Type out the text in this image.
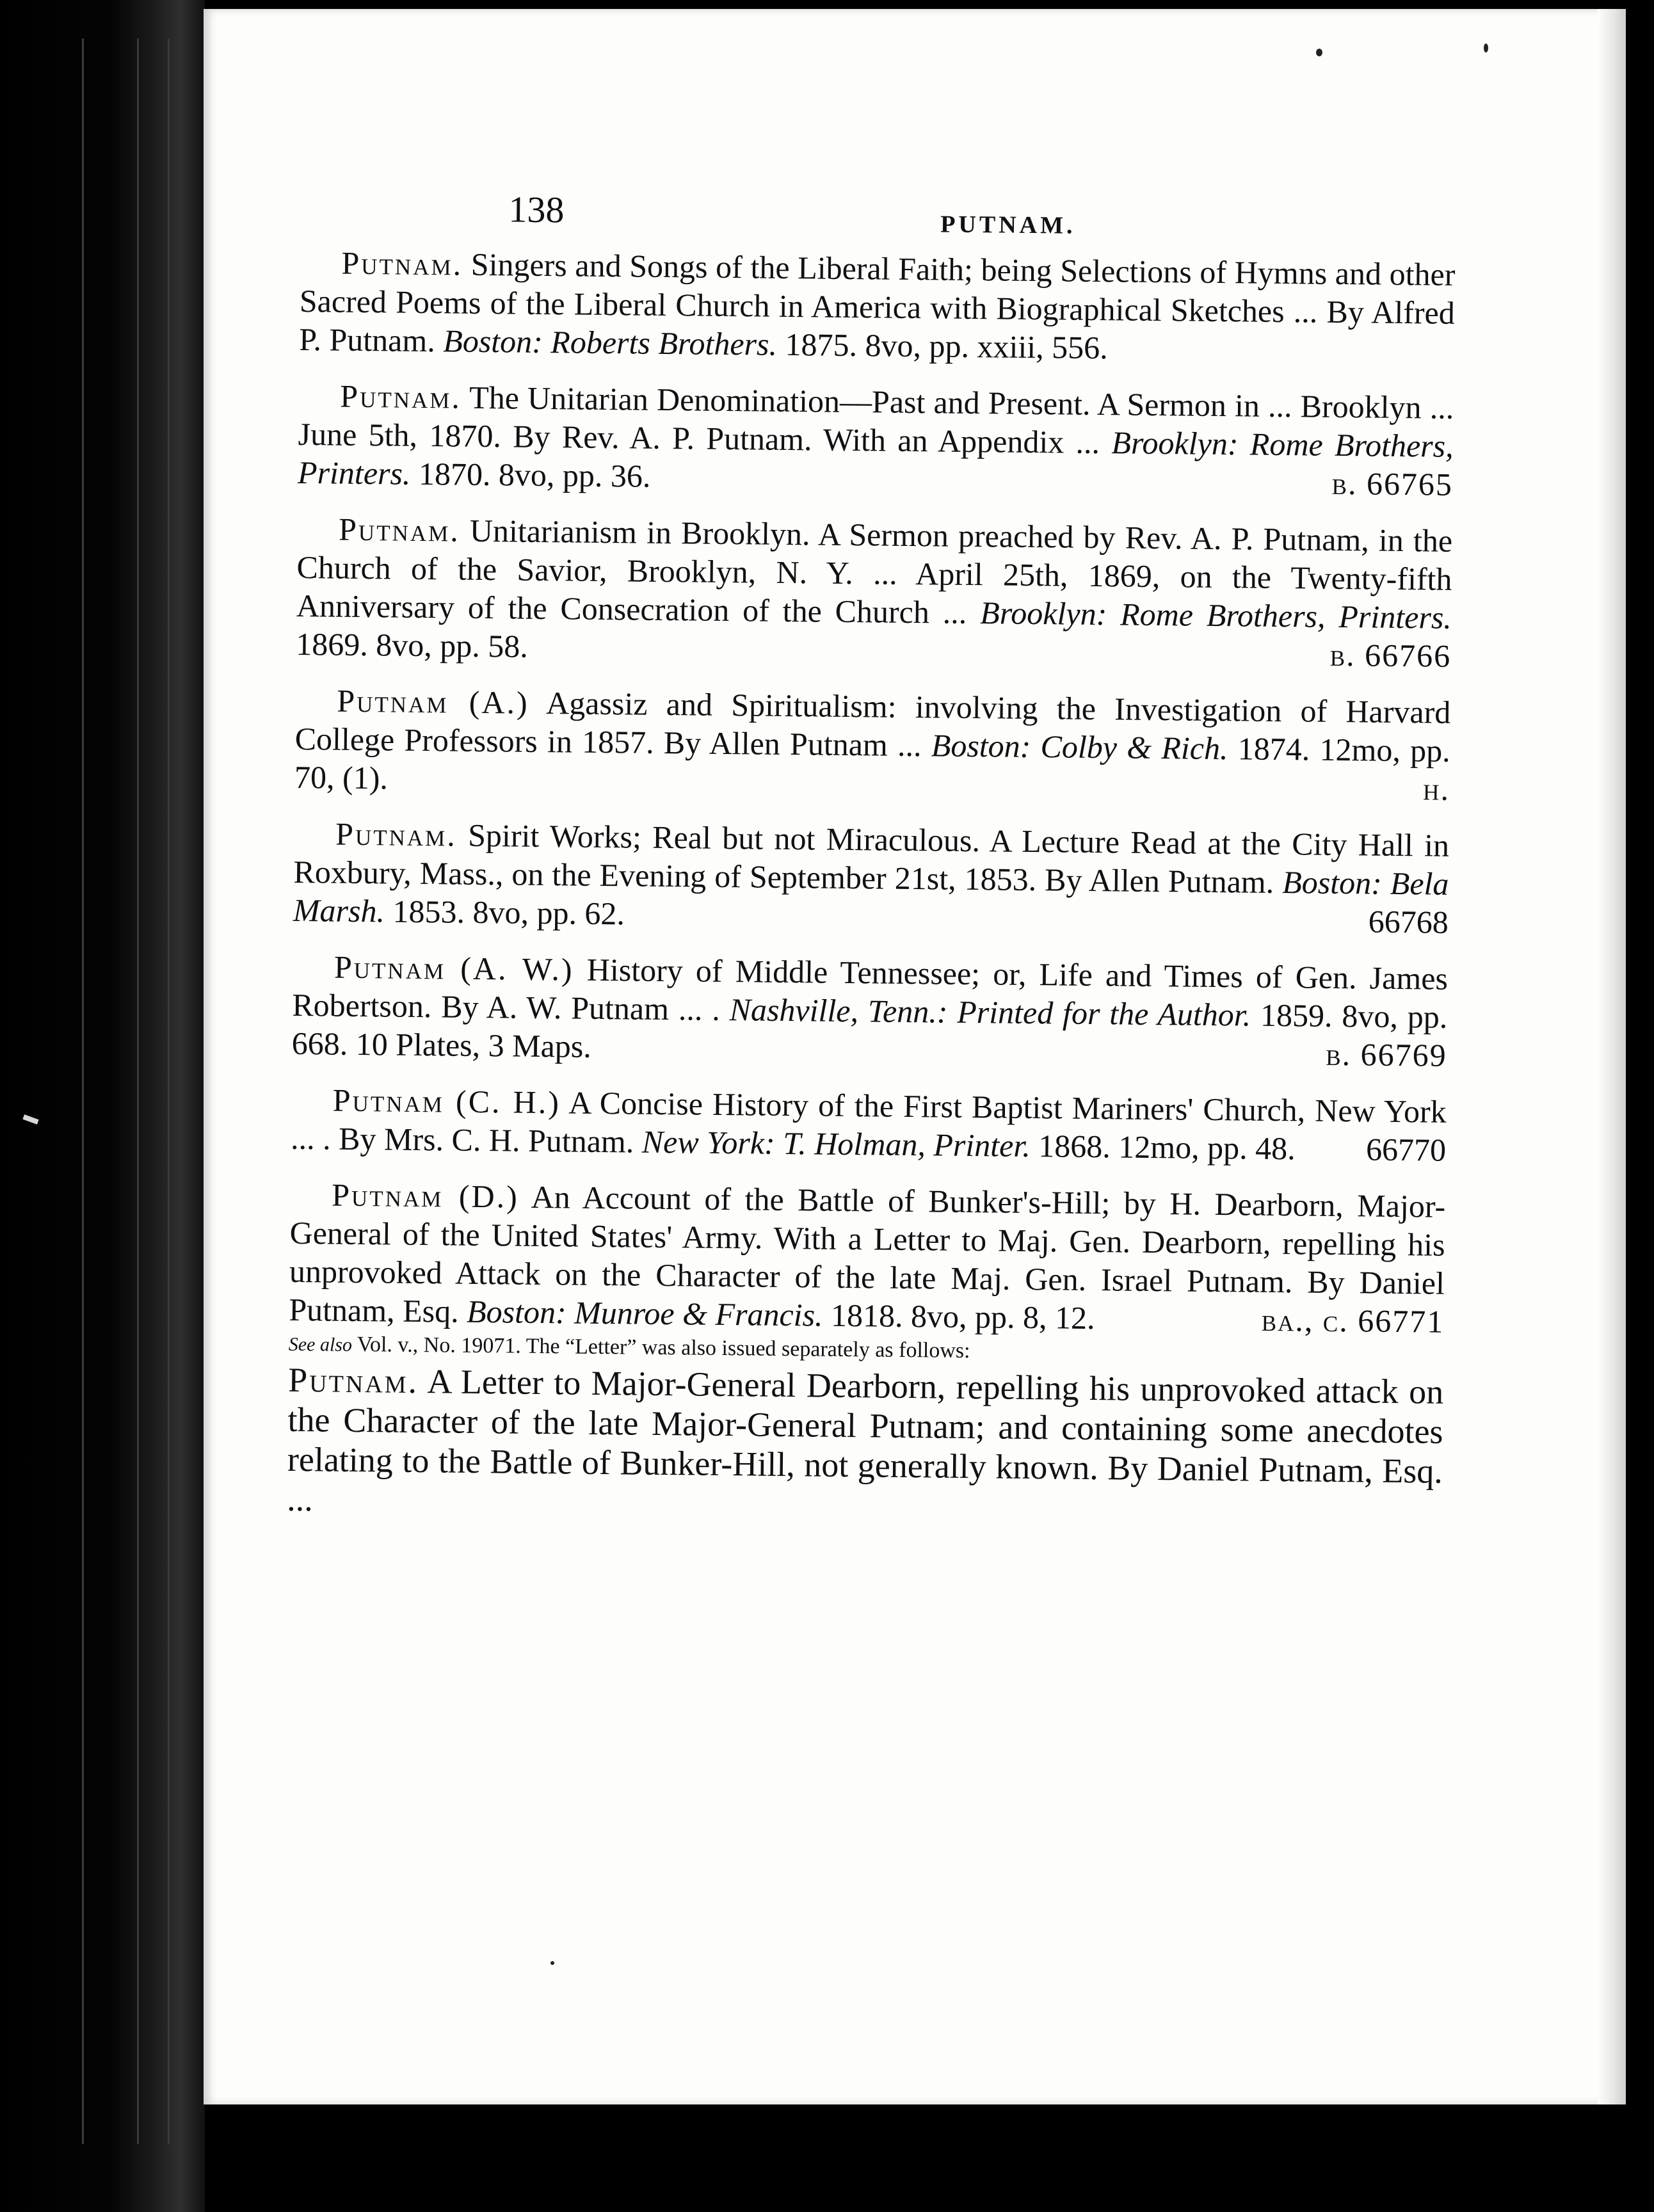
138	PUTNAM.

Putnam. Singers and Songs of the Liberal Faith; being Selections of Hymns and other Sacred Poems of the Liberal Church in America with Biographical Sketches ... By Alfred P. Putnam. Boston: Roberts Brothers. 1875. 8vo, pp. xxiii, 556.

Putnam. The Unitarian Denomination—Past and Present. A Sermon in ... Brooklyn ... June 5th, 1870. By Rev. A. P. Putnam. With an Appendix ... Brooklyn: Rome Brothers, Printers. 1870. 8vo, pp. 36.	b. 66765

Putnam. Unitarianism in Brooklyn. A Sermon preached by Rev. A. P. Putnam, in the Church of the Savior, Brooklyn, N. Y. ... April 25th, 1869, on the Twenty-fifth Anniversary of the Consecration of the Church ... Brooklyn: Rome Brothers, Printers. 1869. 8vo, pp. 58.	b. 66766

Putnam (A.) Agassiz and Spiritualism: involving the Investigation of Harvard College Professors in 1857. By Allen Putnam ... Boston: Colby & Rich. 1874. 12mo, pp. 70, (1).	h.

Putnam. Spirit Works; Real but not Miraculous. A Lecture Read at the City Hall in Roxbury, Mass., on the Evening of September 21st, 1853. By Allen Putnam. Boston: Bela Marsh. 1853. 8vo, pp. 62.	66768

Putnam (A. W.) History of Middle Tennessee; or, Life and Times of Gen. James Robertson. By A. W. Putnam ... . Nashville, Tenn.: Printed for the Author. 1859. 8vo, pp. 668. 10 Plates, 3 Maps.	b. 66769

Putnam (C. H.) A Concise History of the First Baptist Mariners' Church, New York ... . By Mrs. C. H. Putnam. New York: T. Holman, Printer. 1868. 12mo, pp. 48.	66770

Putnam (D.) An Account of the Battle of Bunker's-Hill; by H. Dearborn, Major-General of the United States' Army. With a Letter to Maj. Gen. Dearborn, repelling his unprovoked Attack on the Character of the late Maj. Gen. Israel Putnam. By Daniel Putnam, Esq. Boston: Munroe & Francis. 1818. 8vo, pp. 8, 12.	ba., c. 66771

See also Vol. v., No. 19071. The “Letter” was also issued separately as follows:

Putnam. A Letter to Major-General Dearborn, repelling his unprovoked attack on the Character of the late Major-General Putnam; and containing some anecdotes relating to the Battle of Bunker-Hill, not generally known. By Daniel Putnam, Esq. ...
